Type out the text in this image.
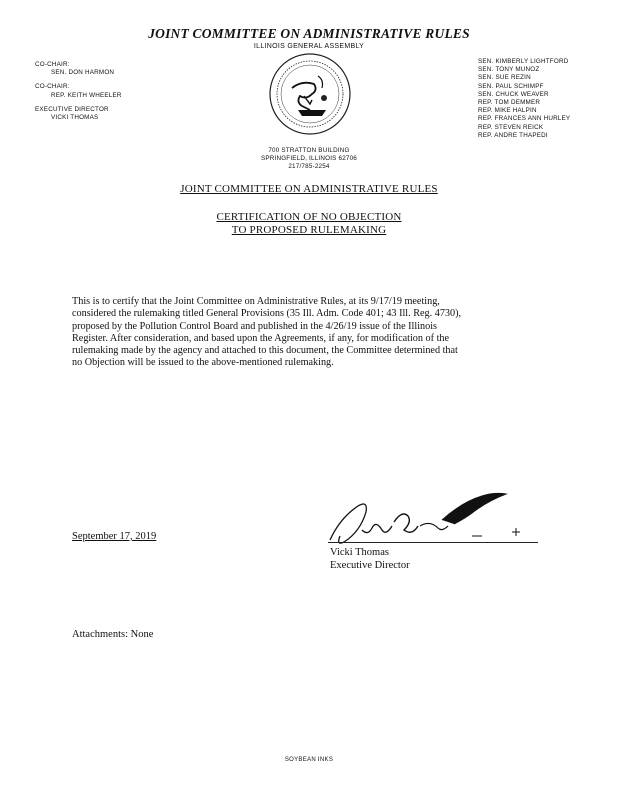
JOINT COMMITTEE ON ADMINISTRATIVE RULES
ILLINOIS GENERAL ASSEMBLY
CO-CHAIR:
SEN. DON HARMON
CO-CHAIR:
REP. KEITH WHEELER
EXECUTIVE DIRECTOR
VICKI THOMAS
SEN. KIMBERLY LIGHTFORD
SEN. TONY MUNOZ
SEN. SUE REZIN
SEN. PAUL SCHIMPF
SEN. CHUCK WEAVER
REP. TOM DEMMER
REP. MIKE HALPIN
REP. FRANCES ANN HURLEY
REP. STEVEN REICK
REP. ANDRE THAPEDI
700 STRATTON BUILDING
SPRINGFIELD, ILLINOIS 62706
217/785-2254
JOINT COMMITTEE ON ADMINISTRATIVE RULES
CERTIFICATION OF NO OBJECTION
TO PROPOSED RULEMAKING
This is to certify that the Joint Committee on Administrative Rules, at its 9/17/19 meeting,
considered the rulemaking titled General Provisions (35 Ill. Adm. Code 401; 43 Ill. Reg. 4730),
proposed by the Pollution Control Board and published in the 4/26/19 issue of the Illinois
Register. After consideration, and based upon the Agreements, if any, for modification of the
rulemaking made by the agency and attached to this document, the Committee determined that
no Objection will be issued to the above-mentioned rulemaking.
September 17, 2019
Vicki Thomas
Executive Director
Attachments: None
SOYBEAN INKS
